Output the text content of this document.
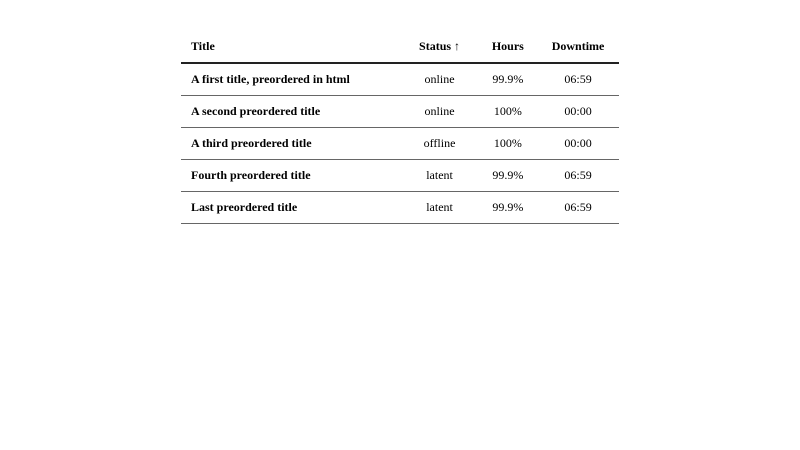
Title	Status ↑	Hours	Downtime
A first title, preordered in html	online	99.9%	06:59
A second preordered title	online	100%	00:00
A third preordered title	offline	100%	00:00
Fourth preordered title	latent	99.9%	06:59
Last preordered title	latent	99.9%	06:59
